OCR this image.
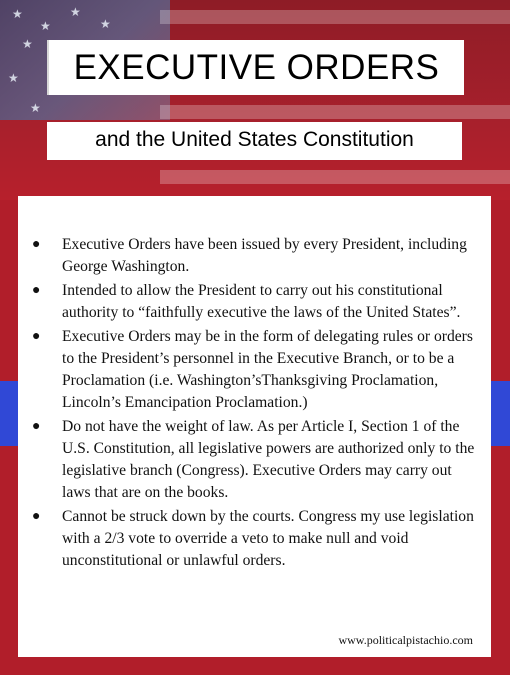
★
★
★
★
★
★
★
EXECUTIVE ORDERS
and the United States Constitution
● Executive Orders have been issued by every President, including George Washington.
● Intended to allow the President to carry out his constitutional authority to “faithfully executive the laws of the United States”.
● Executive Orders may be in the form of delegating rules or orders to the President’s personnel in the Executive Branch, or to be a Proclamation (i.e. Washington’sThanksgiving Proclamation, Lincoln’s Emancipation Proclamation.)
● Do not have the weight of law. As per Article I, Section 1 of the U.S. Constitution, all legislative powers are authorized only to the legislative branch (Congress). Executive Orders may carry out laws that are on the books.
● Cannot be struck down by the courts. Congress my use legislation with a 2/3 vote to override a veto to make null and void unconstitutional or unlawful orders.
www.politicalpistachio.com
